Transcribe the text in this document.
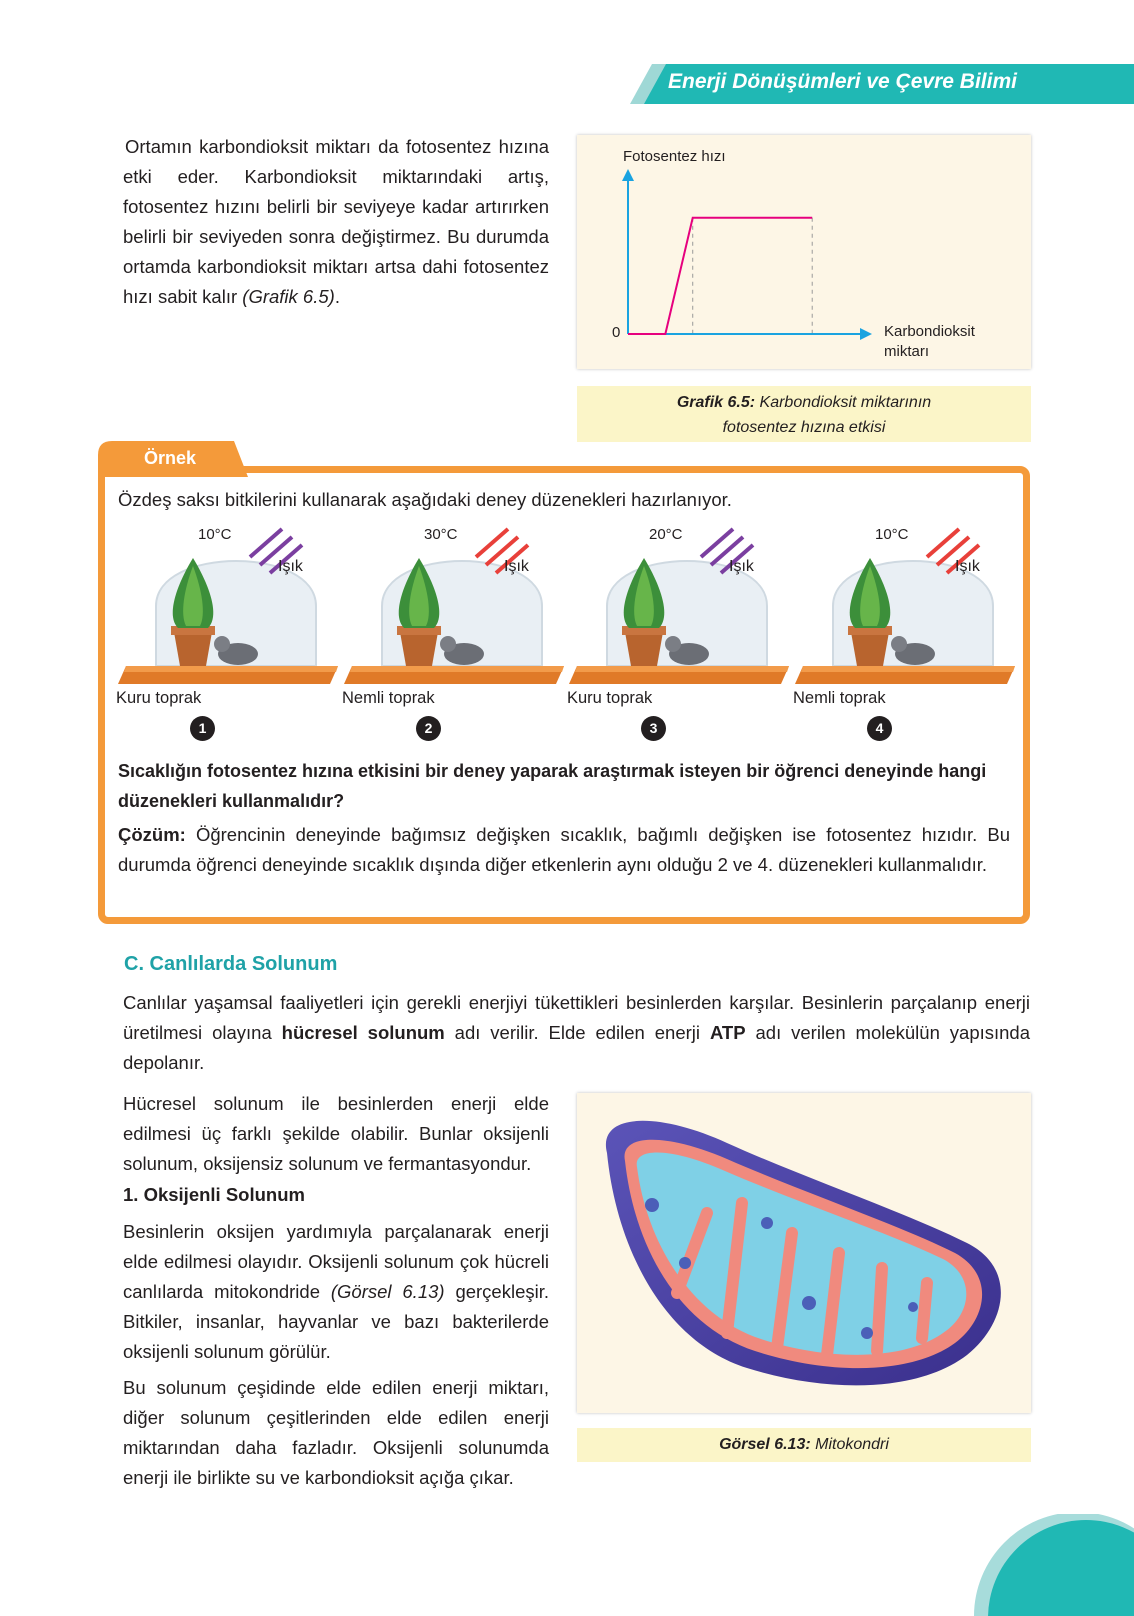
Enerji Dönüşümleri ve Çevre Bilimi

Ortamın karbondioksit miktarı da fotosentez hızına etki eder. Karbondioksit miktarındaki artış, fotosentez hızını belirli bir seviyeye kadar artırırken belirli bir seviyeden sonra değiştirmez. Bu durumda ortamda karbondioksit miktarı artsa dahi fotosentez hızı sabit kalır (Grafik 6.5).

Fotosentez hızı
0	Karbondioksit
miktarı
Grafik 6.5: Karbondioksit miktarının
fotosentez hızına etkisi
Örnek

Özdeş saksı bitkilerini kullanarak aşağıdaki deney düzenekleri hazırlanıyor.

10°C
Işık
Kuru toprak
1
30°C
Işık
Nemli toprak
2
20°C
Işık
Kuru toprak
3
10°C
Işık
Nemli toprak
4

Sıcaklığın fotosentez hızına etkisini bir deney yaparak araştırmak isteyen bir öğrenci deneyinde hangi düzenekleri kullanmalıdır?

Çözüm: Öğrencinin deneyinde bağımsız değişken sıcaklık, bağımlı değişken ise fotosentez hızıdır. Bu durumda öğrenci deneyinde sıcaklık dışında diğer etkenlerin aynı olduğu 2 ve 4. düzenekleri kullanmalıdır.

C. Canlılarda Solunum

Canlılar yaşamsal faaliyetleri için gerekli enerjiyi tükettikleri besinlerden karşılar. Besinlerin parçalanıp enerji üretilmesi olayına hücresel solunum adı verilir. Elde edilen enerji ATP adı verilen molekülün yapısında depolanır.

Hücresel solunum ile besinlerden enerji elde edilmesi üç farklı şekilde olabilir. Bunlar oksijenli solunum, oksijensiz solunum ve fermantasyondur.

1. Oksijenli Solunum

Besinlerin oksijen yardımıyla parçalanarak enerji elde edilmesi olayıdır. Oksijenli solunum çok hücreli canlılarda mitokondride (Görsel 6.13) gerçekleşir. Bitkiler, insanlar, hayvanlar ve bazı bakterilerde oksijenli solunum görülür.

Bu solunum çeşidinde elde edilen enerji miktarı, diğer solunum çeşitlerinden elde edilen enerji miktarından daha fazladır. Oksijenli solunumda enerji ile birlikte su ve karbondioksit açığa çıkar.

Görsel 6.13: Mitokondri
199
